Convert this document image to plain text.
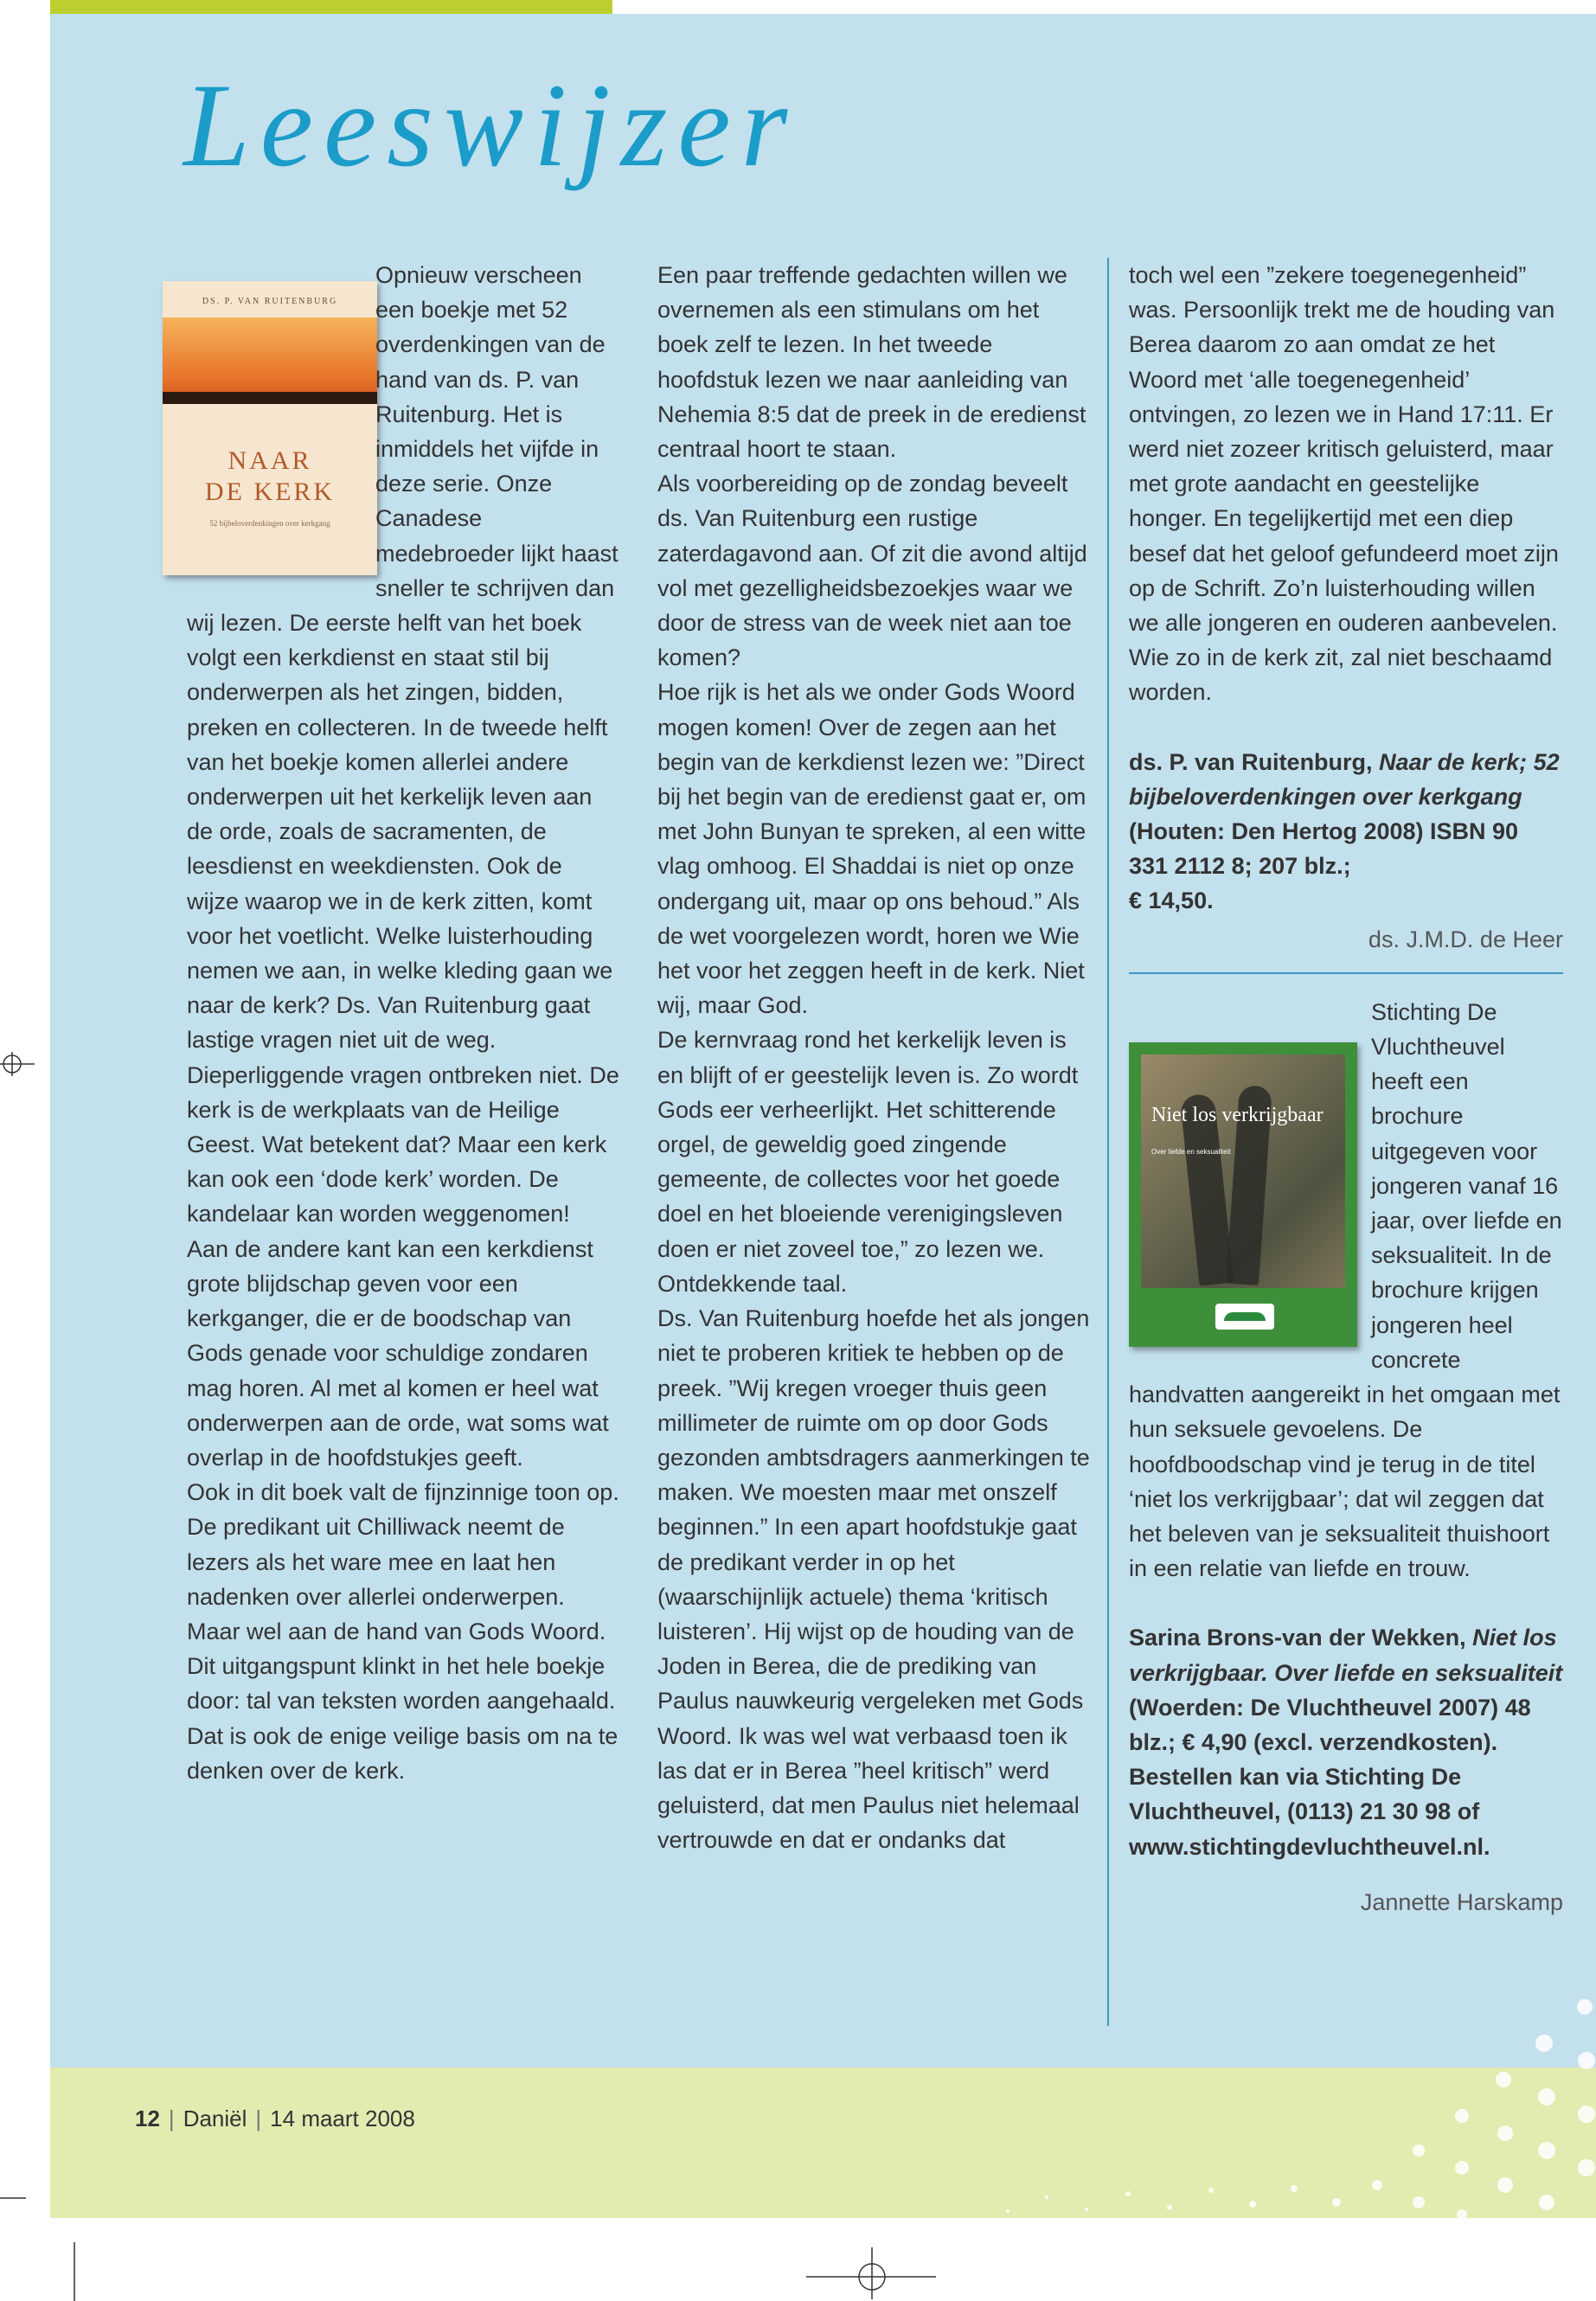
Leeswijzer
DS. P. VAN RUITENBURG
NAAR
DE KERK
52 bijbeloverdenkingen over kerkgang
Niet los verkrijgbaar
Over liefde en seksualiteit

Opnieuw verscheen een boekje met 52 overdenkingen van de hand van ds. P. van Ruitenburg. Het is inmiddels het vijfde in deze serie. Onze Canadese medebroeder lijkt haast sneller te schrijven dan wij lezen. De eerste helft van het boek volgt een kerkdienst en staat stil bij onderwerpen als het zingen, bidden, preken en collecteren. In de tweede helft van het boekje komen allerlei andere onderwerpen uit het kerkelijk leven aan de orde, zoals de sacramenten, de leesdienst en weekdiensten. Ook de wijze waarop we in de kerk zitten, komt voor het voetlicht. Welke luisterhouding nemen we aan, in welke kleding gaan we naar de kerk? Ds. Van Ruitenburg gaat lastige vragen niet uit de weg. Dieperliggende vragen ontbreken niet. De kerk is de werkplaats van de Heilige Geest. Wat betekent dat? Maar een kerk kan ook een ‘dode kerk’ worden. De kandelaar kan worden weggenomen!

Aan de andere kant kan een kerkdienst grote blijdschap geven voor een kerkganger, die er de boodschap van Gods genade voor schuldige zondaren mag horen. Al met al komen er heel wat onderwerpen aan de orde, wat soms wat overlap in de hoofdstukjes geeft.

Ook in dit boek valt de fijnzinnige toon op. De predikant uit Chilliwack neemt de lezers als het ware mee en laat hen nadenken over allerlei onderwerpen. Maar wel aan de hand van Gods Woord. Dit uitgangspunt klinkt in het hele boekje door: tal van teksten worden aangehaald. Dat is ook de enige veilige basis om na te denken over de kerk.

Een paar treffende gedachten willen we overnemen als een stimulans om het boek zelf te lezen. In het tweede hoofdstuk lezen we naar aanleiding van Nehemia 8:5 dat de preek in de eredienst centraal hoort te staan.

Als voorbereiding op de zondag beveelt ds. Van Ruitenburg een rustige zaterdagavond aan. Of zit die avond altijd vol met gezelligheidsbezoekjes waar we door de stress van de week niet aan toe komen?

Hoe rijk is het als we onder Gods Woord mogen komen! Over de zegen aan het begin van de kerkdienst lezen we: ”Direct bij het begin van de eredienst gaat er, om met John Bunyan te spreken, al een witte vlag omhoog. El Shaddai is niet op onze ondergang uit, maar op ons behoud.” Als de wet voorgelezen wordt, horen we Wie het voor het zeggen heeft in de kerk. Niet wij, maar God.

De kernvraag rond het kerkelijk leven is en blijft of er geestelijk leven is. Zo wordt Gods eer verheerlijkt. Het schitterende orgel, de geweldig goed zingende gemeente, de collectes voor het goede doel en het bloeiende verenigingsleven doen er niet zoveel toe,” zo lezen we. Ontdekkende taal.

Ds. Van Ruitenburg hoefde het als jongen niet te proberen kritiek te hebben op de preek. ”Wij kregen vroeger thuis geen millimeter de ruimte om op door Gods gezonden ambtsdragers aanmerkingen te maken. We moesten maar met onszelf beginnen.” In een apart hoofdstukje gaat de predikant verder in op het (waarschijnlijk actuele) thema ‘kritisch luisteren’. Hij wijst op de houding van de Joden in Berea, die de prediking van Paulus nauwkeurig vergeleken met Gods Woord. Ik was wel wat verbaasd toen ik las dat er in Berea ”heel kritisch” werd geluisterd, dat men Paulus niet helemaal vertrouwde en dat er ondanks dat

toch wel een ”zekere toegenegenheid” was. Persoonlijk trekt me de houding van Berea daarom zo aan omdat ze het Woord met ‘alle toegenegenheid’ ontvingen, zo lezen we in Hand 17:11. Er werd niet zozeer kritisch geluisterd, maar met grote aandacht en geestelijke honger. En tegelijkertijd met een diep besef dat het geloof gefundeerd moet zijn op de Schrift. Zo’n luisterhouding willen we alle jongeren en ouderen aanbevelen. Wie zo in de kerk zit, zal niet beschaamd worden.

ds. P. van Ruitenburg, Naar de kerk; 52 bijbeloverdenkingen over kerkgang (Houten: Den Hertog 2008) ISBN 90 331 2112 8; 207 blz.;
€ 14,50.

ds. J.M.D. de Heer

Stichting De Vluchtheuvel heeft een brochure uitgegeven voor jongeren vanaf 16 jaar, over liefde en seksualiteit. In de brochure krijgen jongeren heel concrete handvatten aangereikt in het omgaan met hun seksuele gevoelens. De hoofdboodschap vind je terug in de titel ‘niet los verkrijgbaar’; dat wil zeggen dat het beleven van je seksualiteit thuishoort in een relatie van liefde en trouw.

Sarina Brons-van der Wekken, Niet los verkrijgbaar. Over liefde en seksualiteit (Woerden: De Vluchtheuvel 2007) 48 blz.; € 4,90 (excl. verzendkosten). Bestellen kan via Stichting De Vluchtheuvel, (0113) 21 30 98 of www.stichtingdevluchtheuvel.nl.

Jannette Harskamp

12 | Daniël | 14 maart 2008
